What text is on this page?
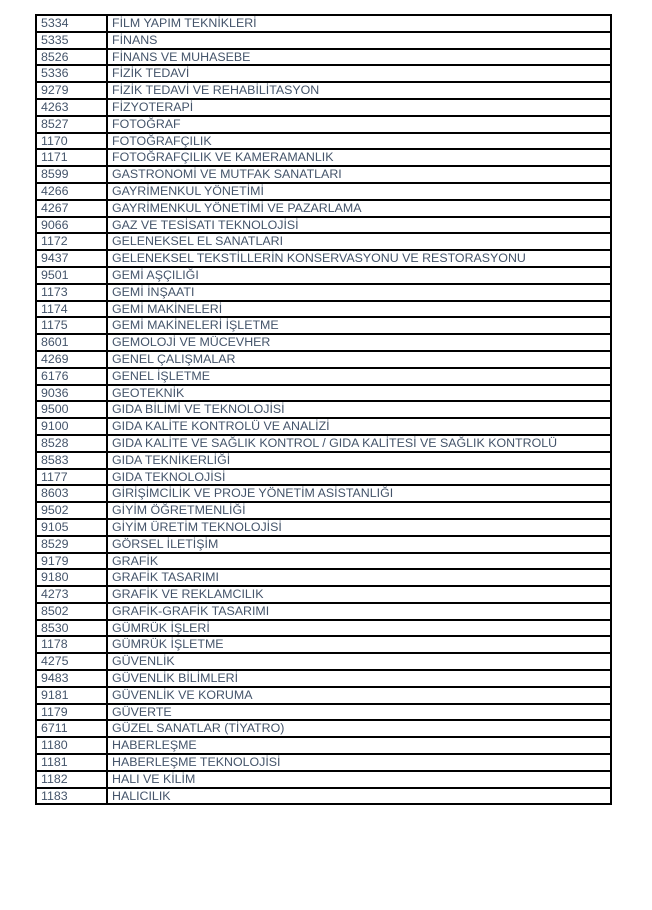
5334	FİLM YAPIM TEKNİKLERİ
5335	FİNANS
8526	FİNANS VE MUHASEBE
5336	FİZİK TEDAVİ
9279	FİZİK TEDAVİ VE REHABİLİTASYON
4263	FİZYOTERAPİ
8527	FOTOĞRAF
1170	FOTOĞRAFÇILIK
1171	FOTOĞRAFÇILIK VE KAMERAMANLIK
8599	GASTRONOMİ VE MUTFAK SANATLARI
4266	GAYRİMENKUL YÖNETİMİ
4267	GAYRİMENKUL YÖNETİMİ VE PAZARLAMA
9066	GAZ VE TESİSATI TEKNOLOJİSİ
1172	GELENEKSEL EL SANATLARI
9437	GELENEKSEL TEKSTİLLERİN KONSERVASYONU VE RESTORASYONU
9501	GEMİ AŞÇILIĞI
1173	GEMİ İNŞAATI
1174	GEMİ MAKİNELERİ
1175	GEMİ MAKİNELERİ İŞLETME
8601	GEMOLOJİ VE MÜCEVHER
4269	GENEL ÇALIŞMALAR
6176	GENEL İŞLETME
9036	GEOTEKNİK
9500	GIDA BİLİMİ VE TEKNOLOJİSİ
9100	GIDA KALİTE KONTROLÜ VE ANALİZİ
8528	GIDA KALİTE VE SAĞLIK KONTROL / GIDA KALİTESİ VE SAĞLIK KONTROLÜ
8583	GIDA TEKNİKERLİĞİ
1177	GIDA TEKNOLOJİSİ
8603	GİRİŞİMCİLİK VE PROJE YÖNETİM ASİSTANLIĞI
9502	GİYİM ÖĞRETMENLİĞİ
9105	GİYİM ÜRETİM TEKNOLOJİSİ
8529	GÖRSEL İLETİŞİM
9179	GRAFİK
9180	GRAFİK TASARIMI
4273	GRAFİK VE REKLAMCILIK
8502	GRAFİK-GRAFİK TASARIMI
8530	GÜMRÜK İŞLERİ
1178	GÜMRÜK İŞLETME
4275	GÜVENLİK
9483	GÜVENLİK BİLİMLERİ
9181	GÜVENLİK VE KORUMA
1179	GÜVERTE
6711	GÜZEL SANATLAR (TİYATRO)
1180	HABERLEŞME
1181	HABERLEŞME TEKNOLOJİSİ
1182	HALI VE KİLİM
1183	HALICILIK
